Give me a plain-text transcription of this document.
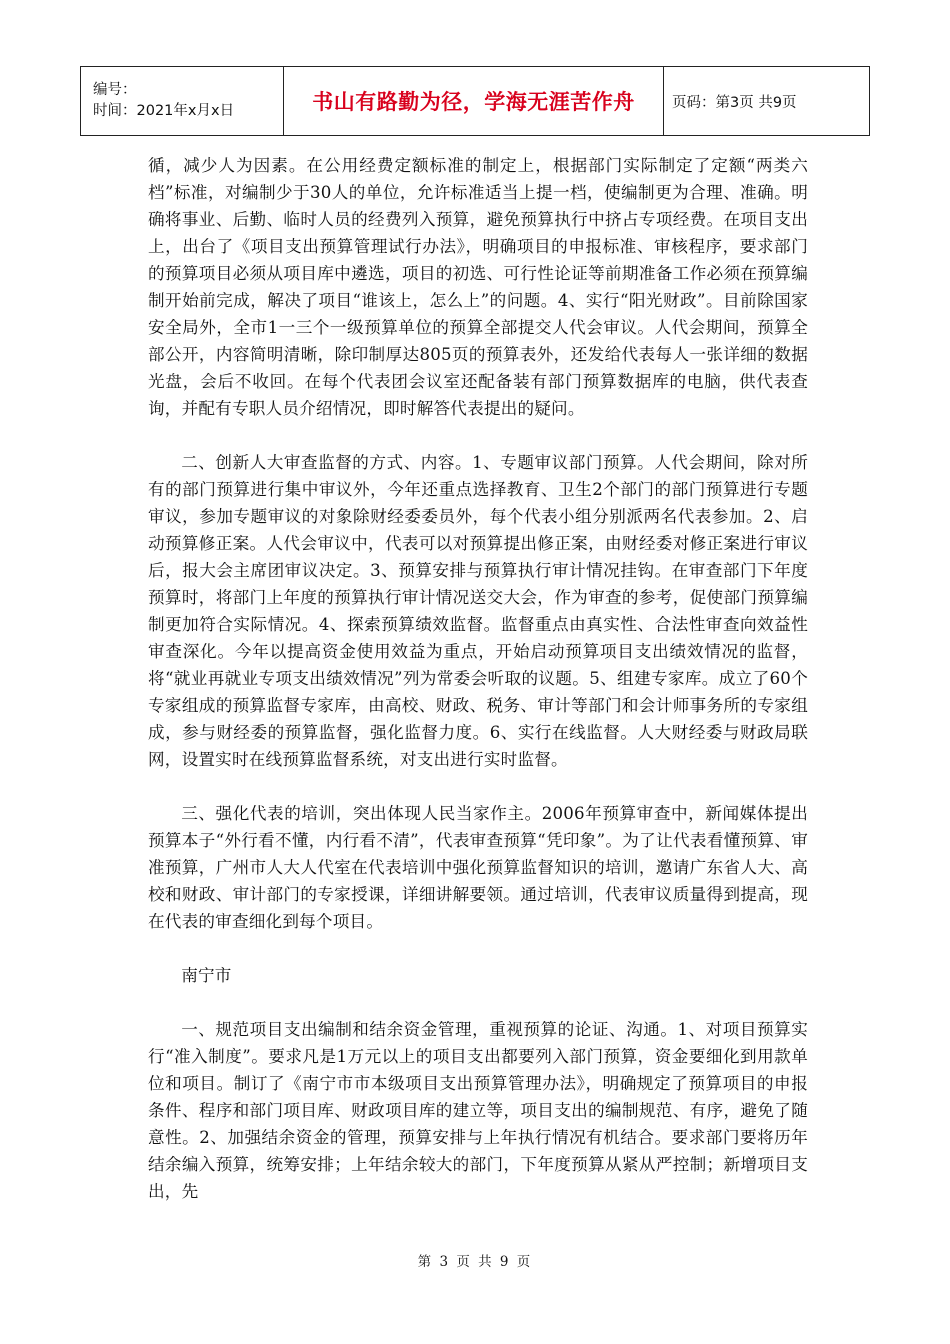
编号：
时间：2021年x月x日	书山有路勤为径，学海无涯苦作舟	页码：第3页 共9页

循，减少人为因素。在公用经费定额标准的制定上，根据部门实际制定了定额“两类六档”标准，对编制少于30人的单位，允许标准适当上提一档，使编制更为合理、准确。明确将事业、后勤、临时人员的经费列入预算，避免预算执行中挤占专项经费。在项目支出上，出台了《项目支出预算管理试行办法》，明确项目的申报标准、审核程序，要求部门的预算项目必须从项目库中遴选，项目的初选、可行性论证等前期准备工作必须在预算编制开始前完成，解决了项目“谁该上，怎么上”的问题。4、实行“阳光财政”。目前除国家安全局外，全市1一三个一级预算单位的预算全部提交人代会审议。人代会期间，预算全部公开，内容简明清晰，除印制厚达805页的预算表外，还发给代表每人一张详细的数据光盘，会后不收回。在每个代表团会议室还配备装有部门预算数据库的电脑，供代表查询，并配有专职人员介绍情况，即时解答代表提出的疑问。

二、创新人大审查监督的方式、内容。1、专题审议部门预算。人代会期间，除对所有的部门预算进行集中审议外，今年还重点选择教育、卫生2个部门的部门预算进行专题审议，参加专题审议的对象除财经委委员外，每个代表小组分别派两名代表参加。2、启动预算修正案。人代会审议中，代表可以对预算提出修正案，由财经委对修正案进行审议后，报大会主席团审议决定。3、预算安排与预算执行审计情况挂钩。在审查部门下年度预算时，将部门上年度的预算执行审计情况送交大会，作为审查的参考，促使部门预算编制更加符合实际情况。4、探索预算绩效监督。监督重点由真实性、合法性审查向效益性审查深化。今年以提高资金使用效益为重点，开始启动预算项目支出绩效情况的监督，将“就业再就业专项支出绩效情况”列为常委会听取的议题。5、组建专家库。成立了60个专家组成的预算监督专家库，由高校、财政、税务、审计等部门和会计师事务所的专家组成，参与财经委的预算监督，强化监督力度。6、实行在线监督。人大财经委与财政局联网，设置实时在线预算监督系统，对支出进行实时监督。

三、强化代表的培训，突出体现人民当家作主。2006年预算审查中，新闻媒体提出预算本子“外行看不懂，内行看不清”，代表审查预算“凭印象”。为了让代表看懂预算、审准预算，广州市人大人代室在代表培训中强化预算监督知识的培训，邀请广东省人大、高校和财政、审计部门的专家授课，详细讲解要领。通过培训，代表审议质量得到提高，现在代表的审查细化到每个项目。

南宁市

一、规范项目支出编制和结余资金管理，重视预算的论证、沟通。1、对项目预算实行“准入制度”。要求凡是1万元以上的项目支出都要列入部门预算，资金要细化到用款单位和项目。制订了《南宁市市本级项目支出预算管理办法》，明确规定了预算项目的申报条件、程序和部门项目库、财政项目库的建立等，项目支出的编制规范、有序，避免了随意性。2、加强结余资金的管理，预算安排与上年执行情况有机结合。要求部门要将历年结余编入预算，统筹安排；上年结余较大的部门，下年度预算从紧从严控制；新增项目支出，先

第 3 页 共 9 页
